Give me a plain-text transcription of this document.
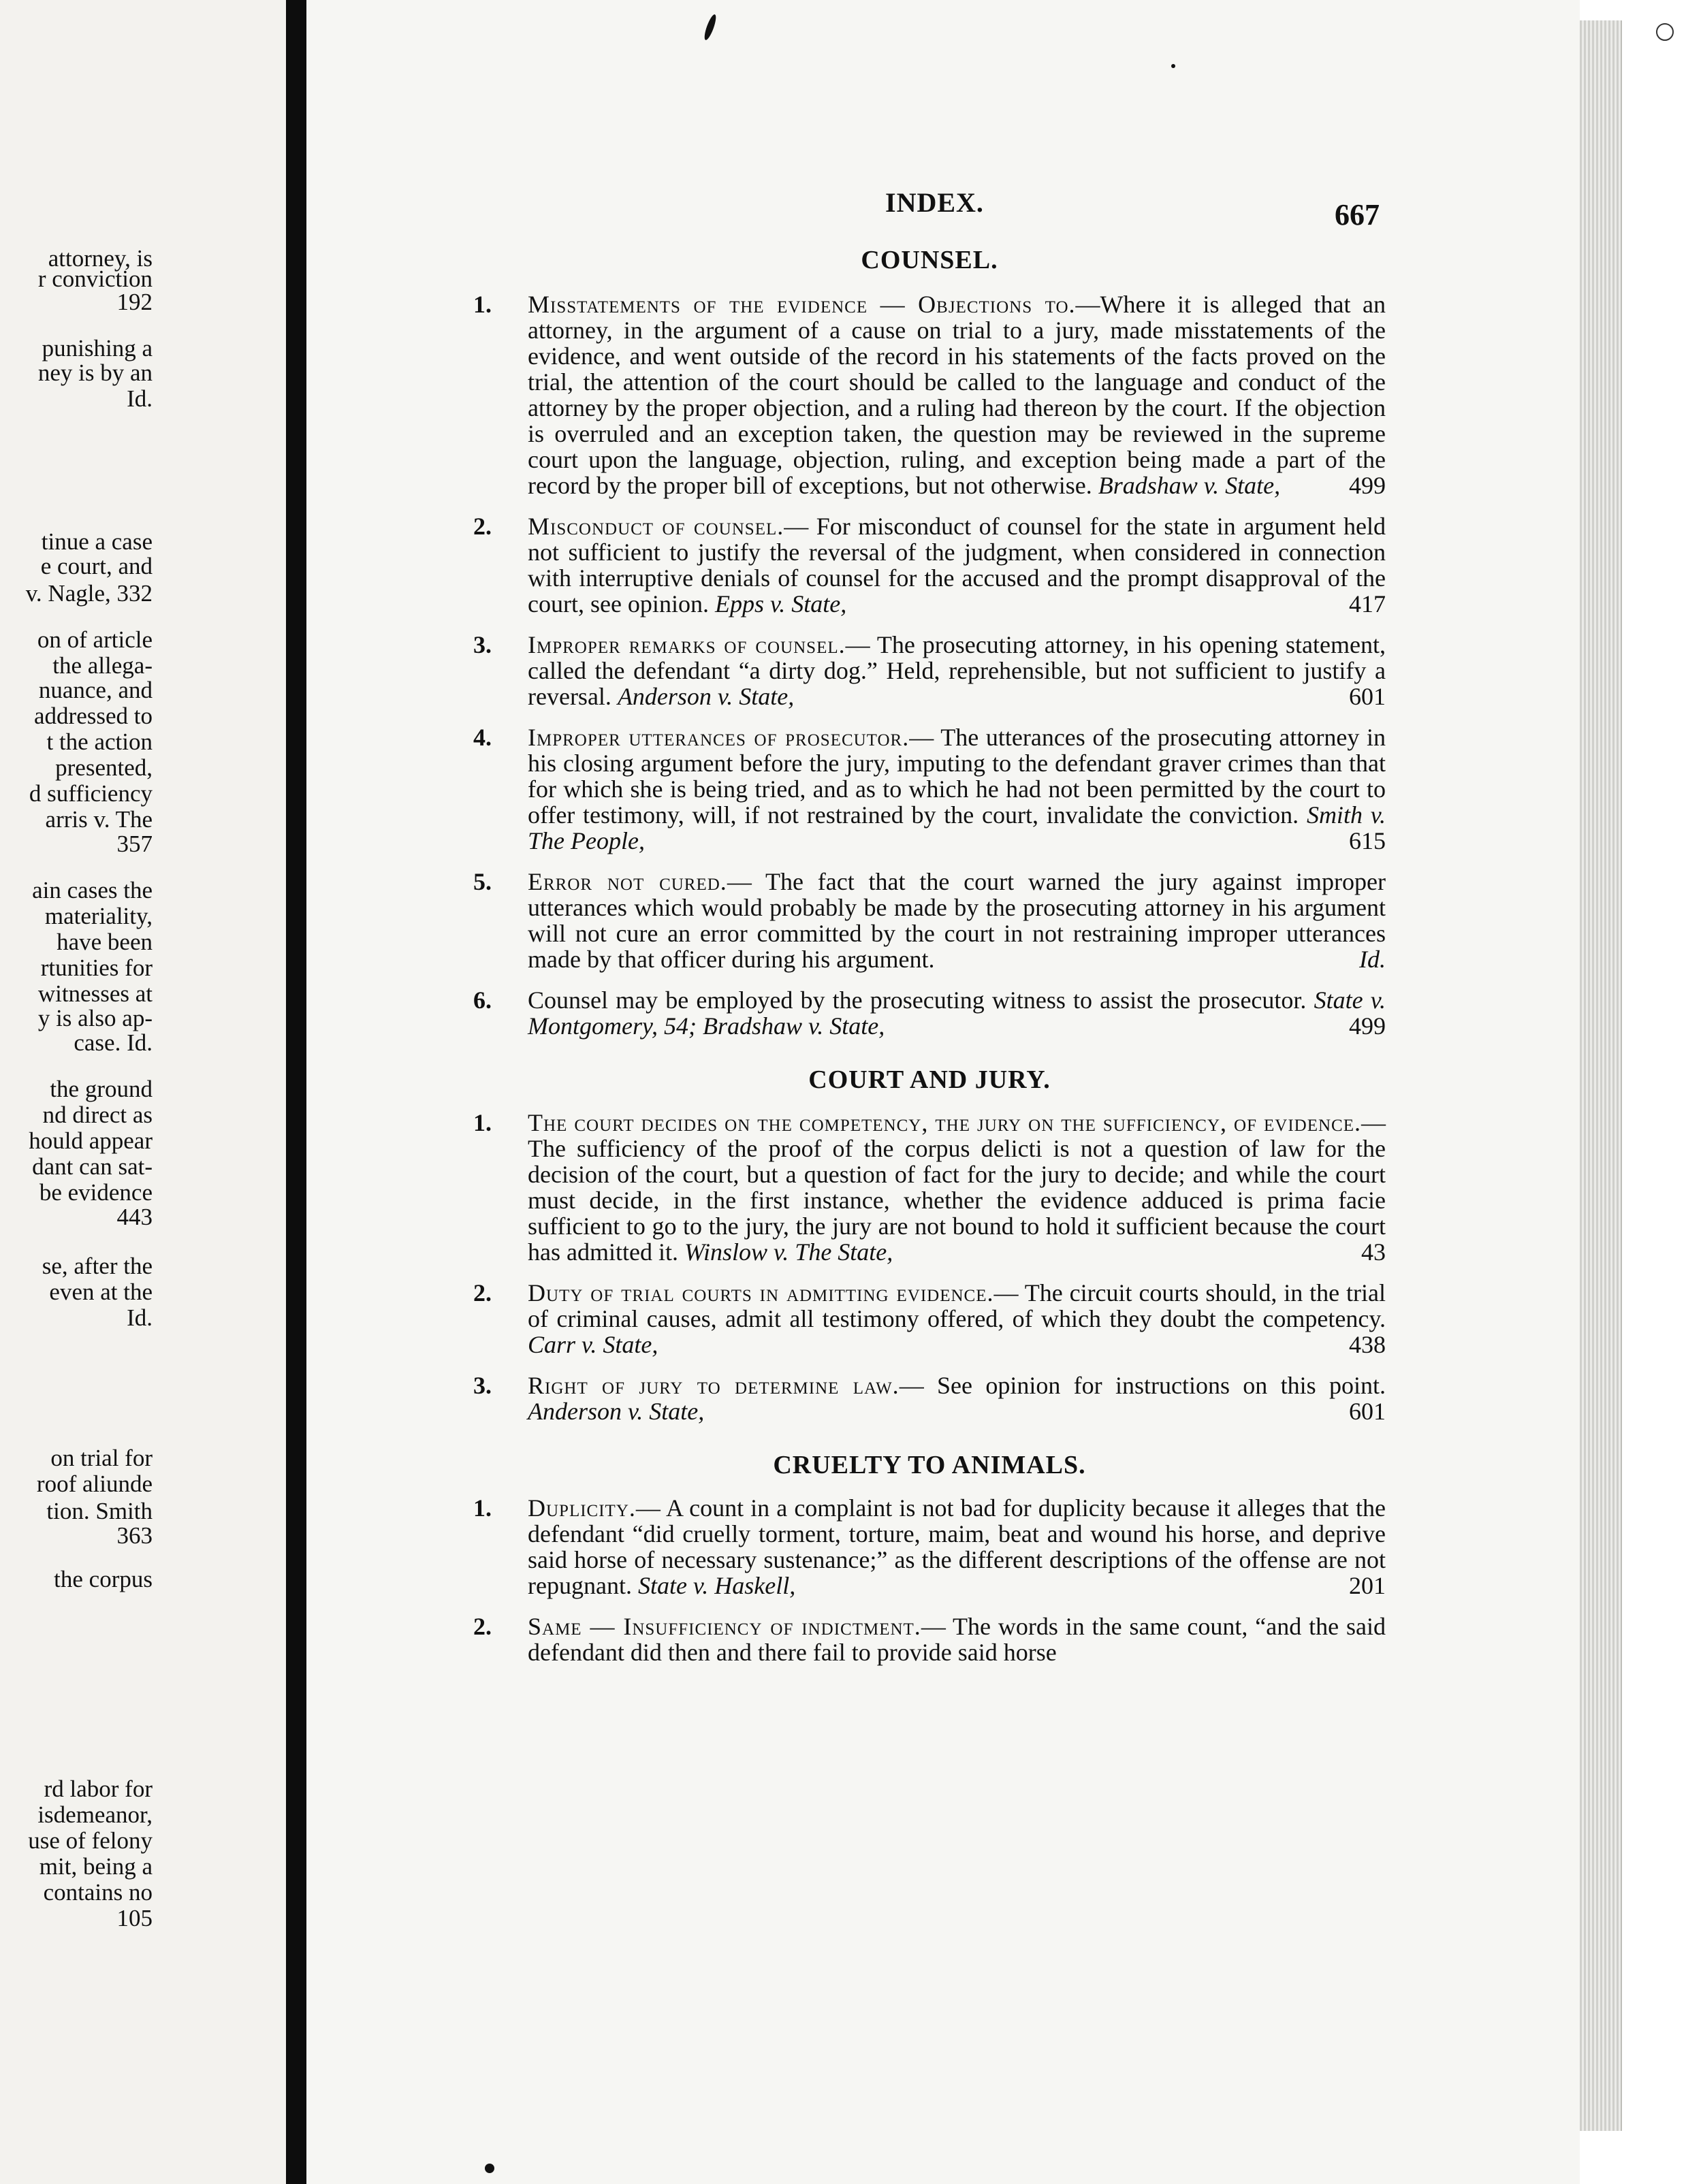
attorney, is
r conviction
192
punishing a
ney is by an
Id.
tinue a case
e court, and
v. Nagle, 332
on of article
the allega-
nuance, and
addressed to
t the action
presented,
d sufficiency
arris v. The
357
ain cases the
materiality,
have been
rtunities for
witnesses at
y is also ap-
case. Id.
the ground
nd direct as
hould appear
dant can sat-
be evidence
443
se, after the
even at the
Id.
on trial for
roof aliunde
tion. Smith
363
the corpus
rd labor for
isdemeanor,
use of felony
mit, being a
contains no
105
INDEX.	667
COUNSEL.
1. Misstatements of the evidence — Objections to.—Where it is alleged that an attorney, in the argument of a cause on trial to a jury, made misstatements of the evidence, and went outside of the record in his statements of the facts proved on the trial, the attention of the court should be called to the language and conduct of the attorney by the proper objection, and a ruling had thereon by the court. If the objection is overruled and an exception taken, the question may be reviewed in the supreme court upon the language, objection, ruling, and exception being made a part of the record by the proper bill of exceptions, but not otherwise. Bradshaw v. State,	499
2. Misconduct of counsel.— For misconduct of counsel for the state in argument held not sufficient to justify the reversal of the judgment, when considered in connection with interruptive denials of counsel for the accused and the prompt disapproval of the court, see opinion. Epps v. State,	417
3. Improper remarks of counsel.— The prosecuting attorney, in his opening statement, called the defendant “a dirty dog.” Held, reprehensible, but not sufficient to justify a reversal. Anderson v. State,	601
4. Improper utterances of prosecutor.— The utterances of the prosecuting attorney in his closing argument before the jury, imputing to the defendant graver crimes than that for which she is being tried, and as to which he had not been permitted by the court to offer testimony, will, if not restrained by the court, invalidate the conviction. Smith v. The People,	615
5. Error not cured.— The fact that the court warned the jury against improper utterances which would probably be made by the prosecuting attorney in his argument will not cure an error committed by the court in not restraining improper utterances made by that officer during his argument.	Id.
6. Counsel may be employed by the prosecuting witness to assist the prosecutor. State v. Montgomery, 54; Bradshaw v. State,	499
COURT AND JURY.
1. The court decides on the competency, the jury on the sufficiency, of evidence.— The sufficiency of the proof of the corpus delicti is not a question of law for the decision of the court, but a question of fact for the jury to decide; and while the court must decide, in the first instance, whether the evidence adduced is prima facie sufficient to go to the jury, the jury are not bound to hold it sufficient because the court has admitted it. Winslow v. The State,	43
2. Duty of trial courts in admitting evidence.— The circuit courts should, in the trial of criminal causes, admit all testimony offered, of which they doubt the competency. Carr v. State,	438
3. Right of jury to determine law.— See opinion for instructions on this point. Anderson v. State,	601
CRUELTY TO ANIMALS.
1. Duplicity.— A count in a complaint is not bad for duplicity because it alleges that the defendant “did cruelly torment, torture, maim, beat and wound his horse, and deprive said horse of necessary sustenance;” as the different descriptions of the offense are not repugnant. State v. Haskell,	201
2. Same — Insufficiency of indictment.— The words in the same count, “and the said defendant did then and there fail to provide said horse
